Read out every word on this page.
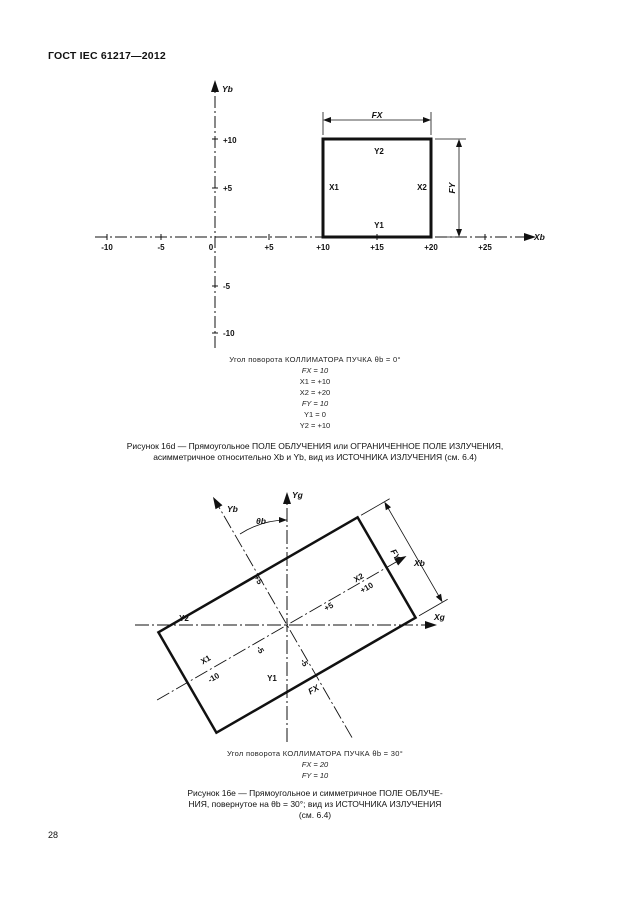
ГОСТ IEC 61217—2012
-10	-5	0	+5	+10	+15	+20	+25
+10
+5
-5
-10
Yb
Xb
FX
FY
Y2
X1	X2
Y1
Угол поворота КОЛЛИМАТОРА ПУЧКА θb = 0°
FX = 10
X1 = +10
X2 = +20
FY = 10
Y1 = 0
Y2 = +10
Рисунок 16d — Прямоугольное ПОЛЕ ОБЛУЧЕНИЯ или ОГРАНИЧЕННОЕ ПОЛЕ ИЗЛУЧЕНИЯ,
асимметричное относительно Xb и Yb, вид из ИСТОЧНИКА ИЗЛУЧЕНИЯ (см. 6.4)
Xg
Yg
Yb
Xb
θb
Y2
Y1
X2
X1
FX
FY
+10
-10
+5
-5
+5
-5
Угол поворота КОЛЛИМАТОРА ПУЧКА θb = 30°
FX = 20
FY = 10
Рисунок 16е — Прямоугольное и симметричное ПОЛЕ ОБЛУЧЕ-
НИЯ, повернутое на θb = 30°; вид из ИСТОЧНИКА ИЗЛУЧЕНИЯ
(см. 6.4)
28
